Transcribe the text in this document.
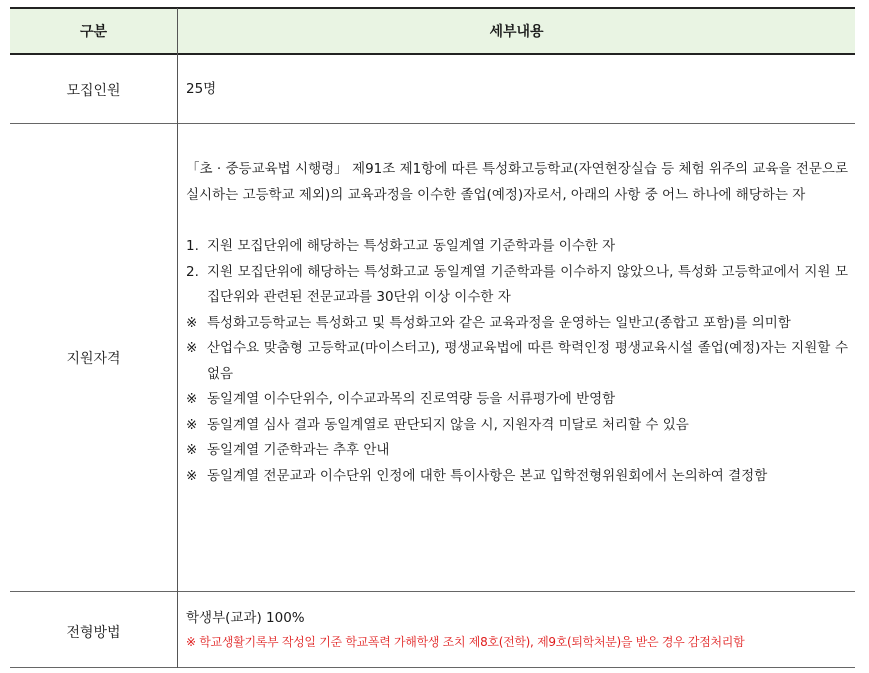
구분	세부내용
모집인원	25명
지원자격
「초 · 중등교육법 시행령」 제91조 제1항에 따른 특성화고등학교(자연현장실습 등 체험 위주의 교육을 전문으로 실시하는 고등학교 제외)의 교육과정을 이수한 졸업(예정)자로서, 아래의 사항 중 어느 하나에 해당하는 자
1. 지원 모집단위에 해당하는 특성화고교 동일계열 기준학과를 이수한 자
2. 지원 모집단위에 해당하는 특성화고교 동일계열 기준학과를 이수하지 않았으나, 특성화 고등학교에서 지원 모집단위와 관련된 전문교과를 30단위 이상 이수한 자
※ 특성화고등학교는 특성화고 및 특성화고와 같은 교육과정을 운영하는 일반고(종합고 포함)를 의미함
※ 산업수요 맞춤형 고등학교(마이스터고), 평생교육법에 따른 학력인정 평생교육시설 졸업(예정)자는 지원할 수 없음
※ 동일계열 이수단위수, 이수교과목의 진로역량 등을 서류평가에 반영함
※ 동일계열 심사 결과 동일계열로 판단되지 않을 시, 지원자격 미달로 처리할 수 있음
※ 동일계열 기준학과는 추후 안내
※ 동일계열 전문교과 이수단위 인정에 대한 특이사항은 본교 입학전형위원회에서 논의하여 결정함
전형방법
학생부(교과) 100%
※ 학교생활기록부 작성일 기준 학교폭력 가해학생 조치 제8호(전학), 제9호(퇴학처분)을 받은 경우 감점처리함
